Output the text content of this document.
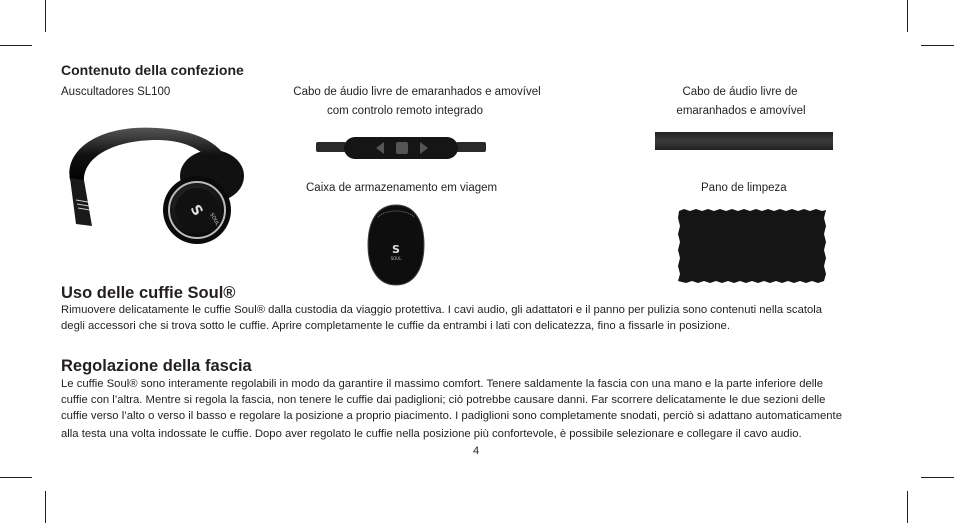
Contenuto della confezione
Auscultadores SL100	Cabo de áudio livre de emaranhados e amovível
com controlo remoto integrado
Cabo de áudio livre de
emaranhados e amovível
Caixa de armazenamento em viagem	Pano de limpeza
S
SOUL
S
SOUL
Uso delle cuffie Soul®
Rimuovere delicatamente le cuffie Soul® dalla custodia da viaggio protettiva. I cavi audio, gli adattatori e il panno per pulizia sono contenuti nella scatola
degli accessori che si trova sotto le cuffie. Aprire completamente le cuffie da entrambi i lati con delicatezza, fino a fissarle in posizione.
Regolazione della fascia
Le cuffie Soul® sono interamente regolabili in modo da garantire il massimo comfort. Tenere saldamente la fascia con una mano e la parte inferiore delle
cuffie con l’altra. Mentre si regola la fascia, non tenere le cuffie dai padiglioni; ciò potrebbe causare danni. Far scorrere delicatamente le due sezioni delle
cuffie verso l’alto o verso il basso e regolare la posizione a proprio piacimento. I padiglioni sono completamente snodati, perciò si adattano automaticamente
alla testa una volta indossate le cuffie. Dopo aver regolato le cuffie nella posizione più confortevole, è possibile selezionare e collegare il cavo audio.
4
